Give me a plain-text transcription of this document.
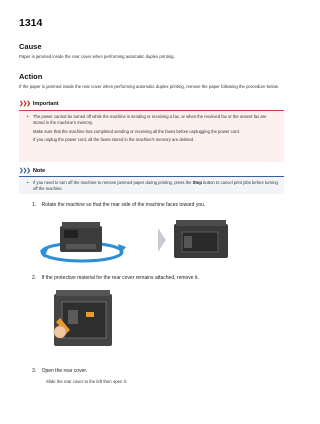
1314
Cause
Paper is jammed inside the rear cover when performing automatic duplex printing.
Action
If the paper is jammed inside the rear cover when performing automatic duplex printing, remove the paper following the procedure below.
❯❯❯ Important
• The power cannot be turned off while the machine is sending or receiving a fax, or when the received fax or the unsent fax are stored in the machine's memory.
Make sure that the machine has completed sending or receiving all the faxes before unplugging the power cord.
If you unplug the power cord, all the faxes stored in the machine's memory are deleted.
❯❯❯ Note
• If you need to turn off the machine to remove jammed paper during printing, press the Stop button to cancel print jobs before turning off the machine.
1. Rotate the machine so that the rear side of the machine faces toward you.
2. If the protective material for the rear cover remains attached, remove it.
3. Open the rear cover.
Slide the rear cover to the left then open it.
